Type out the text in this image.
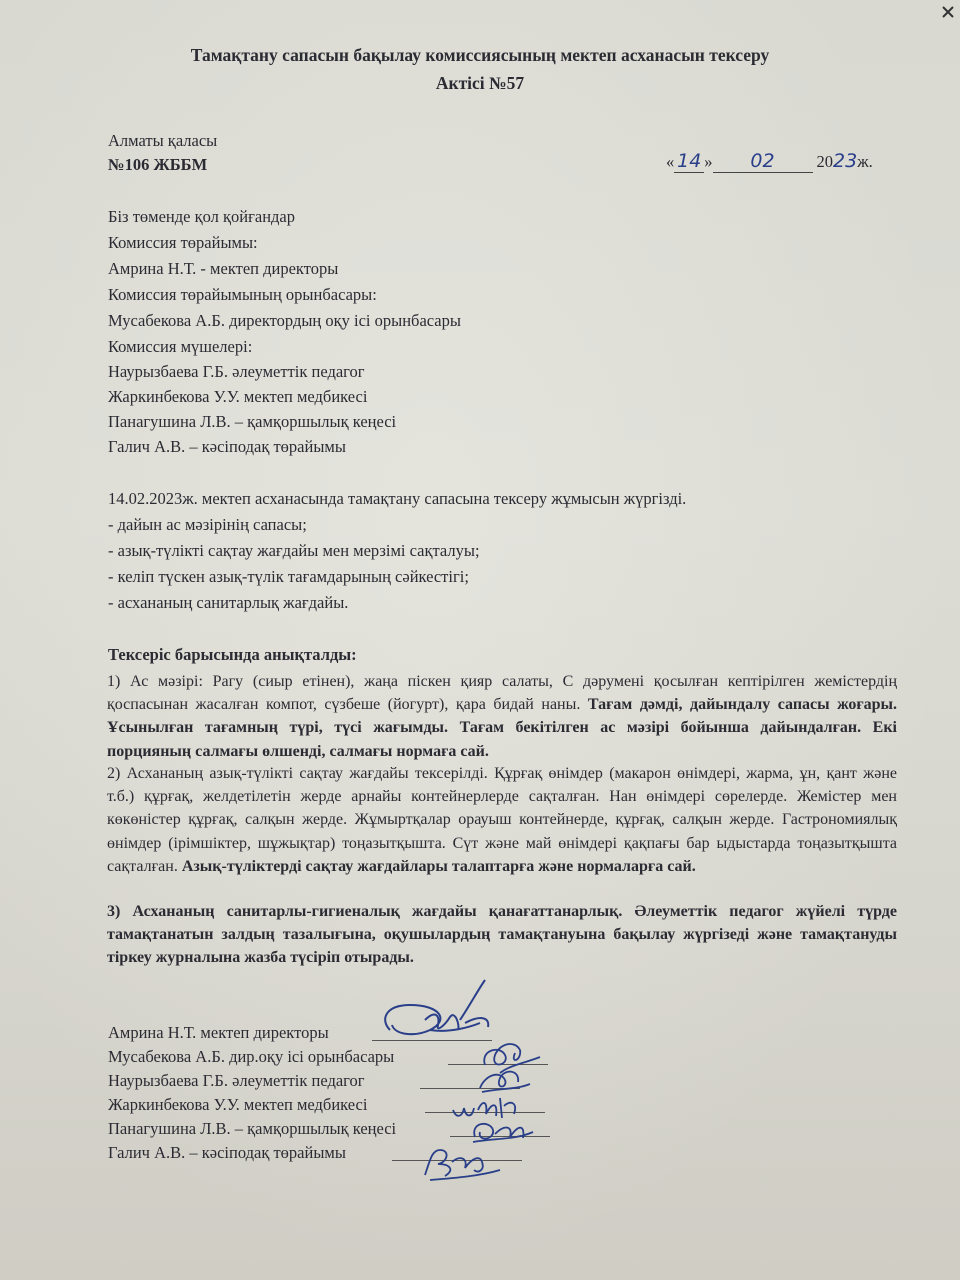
Тамақтану сапасын бақылау комиссиясының мектеп асханасын тексеру
Актісі №57
Алматы қаласы
№106 ЖББМ	« 14 » 02	2023ж.
Біз төменде қол қойғандар
Комиссия төрайымы:
Амрина Н.Т. - мектеп директоры
Комиссия төрайымының орынбасары:
Мусабекова А.Б. директордың оқу ісі орынбасары
Комиссия мүшелері:
Наурызбаева Г.Б. әлеуметтік педагог
Жаркинбекова У.У. мектеп медбикесі
Панагушина Л.В. – қамқоршылық кеңесі
Галич А.В. – кәсіподақ төрайымы
14.02.2023ж. мектеп асханасында тамақтану сапасына тексеру жұмысын жүргізді.
- дайын ас мәзірінің сапасы;
- азық-түлікті сақтау жағдайы мен мерзімі сақталуы;
- келіп түскен азық-түлік тағамдарының сәйкестігі;
- асхананың санитарлық жағдайы.
Тексеріс барысында анықталды:
1) Ас мәзірі: Рагу (сиыр етінен), жаңа піскен қияр салаты, С дәрумені қосылған кептірілген жемістердің қоспасынан жасалған компот, сүзбеше (йогурт), қара бидай наны. Тағам дәмді, дайындалу сапасы жоғары. Ұсынылған тағамның түрі, түсі жағымды. Тағам бекітілген ас мәзірі бойынша дайындалған. Екі порцияның салмағы өлшенді, салмағы нормаға сай.
2) Асхананың азық-түлікті сақтау жағдайы тексерілді. Құрғақ өнімдер (макарон өнімдері, жарма, ұн, қант және т.б.) құрғақ, желдетілетін жерде арнайы контейнерлерде сақталған. Нан өнімдері сөрелерде. Жемістер мен көкөністер құрғақ, салқын жерде. Жұмыртқалар орауыш контейнерде, құрғақ, салқын жерде. Гастрономиялық өнімдер (ірімшіктер, шұжықтар) тоңазытқышта. Сүт және май өнімдері қақпағы бар ыдыстарда тоңазытқышта сақталған. Азық-түліктерді сақтау жағдайлары талаптарға және нормаларға сай.
3) Асхананың санитарлы-гигиеналық жағдайы қанағаттанарлық. Әлеуметтік педагог жүйелі түрде тамақтанатын залдың тазалығына, оқушылардың тамақтануына бақылау жүргізеді және тамақтануды тіркеу журналына жазба түсіріп отырады.
Амрина Н.Т. мектеп директоры
Мусабекова А.Б. дир.оқу ісі орынбасары
Наурызбаева Г.Б. әлеуметтік педагог
Жаркинбекова У.У. мектеп медбикесі
Панагушина Л.В. – қамқоршылық кеңесі
Галич А.В. – кәсіподақ төрайымы
